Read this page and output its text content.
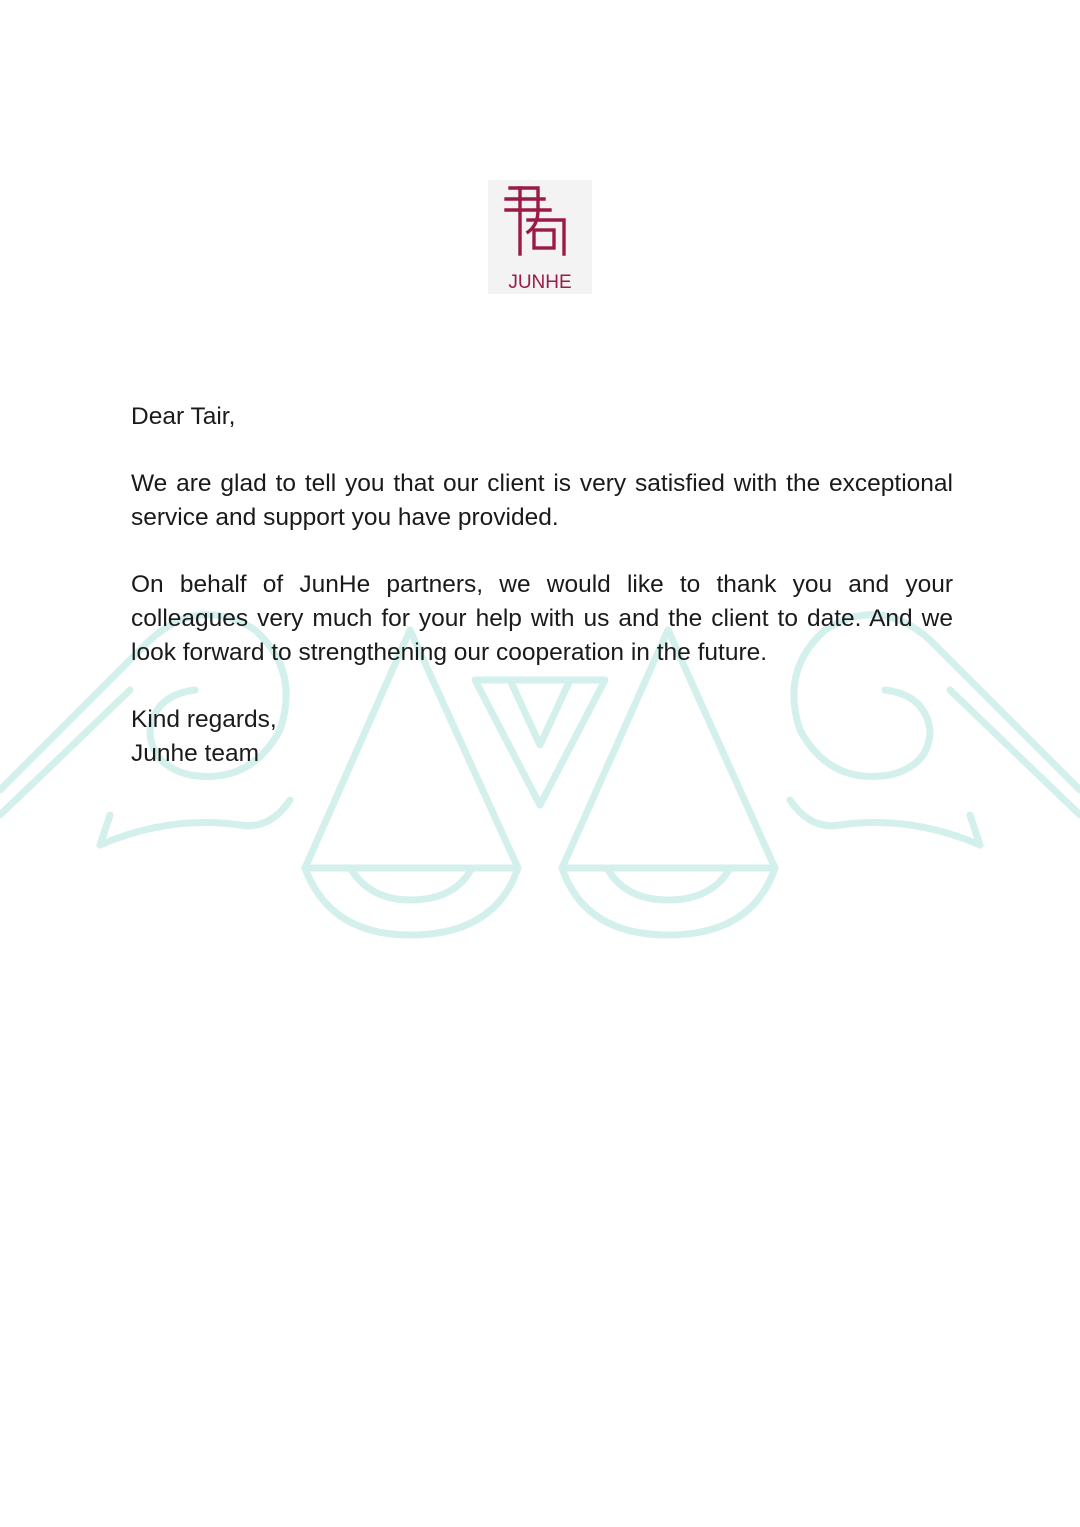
JUNHE

Dear Tair,

We are glad to tell you that our client is very satisfied with the exceptional service and support you have provided.

On behalf of JunHe partners, we would like to thank you and your colleagues very much for your help with us and the client to date. And we look forward to strengthening our cooperation in the future.

Kind regards,
Junhe team
